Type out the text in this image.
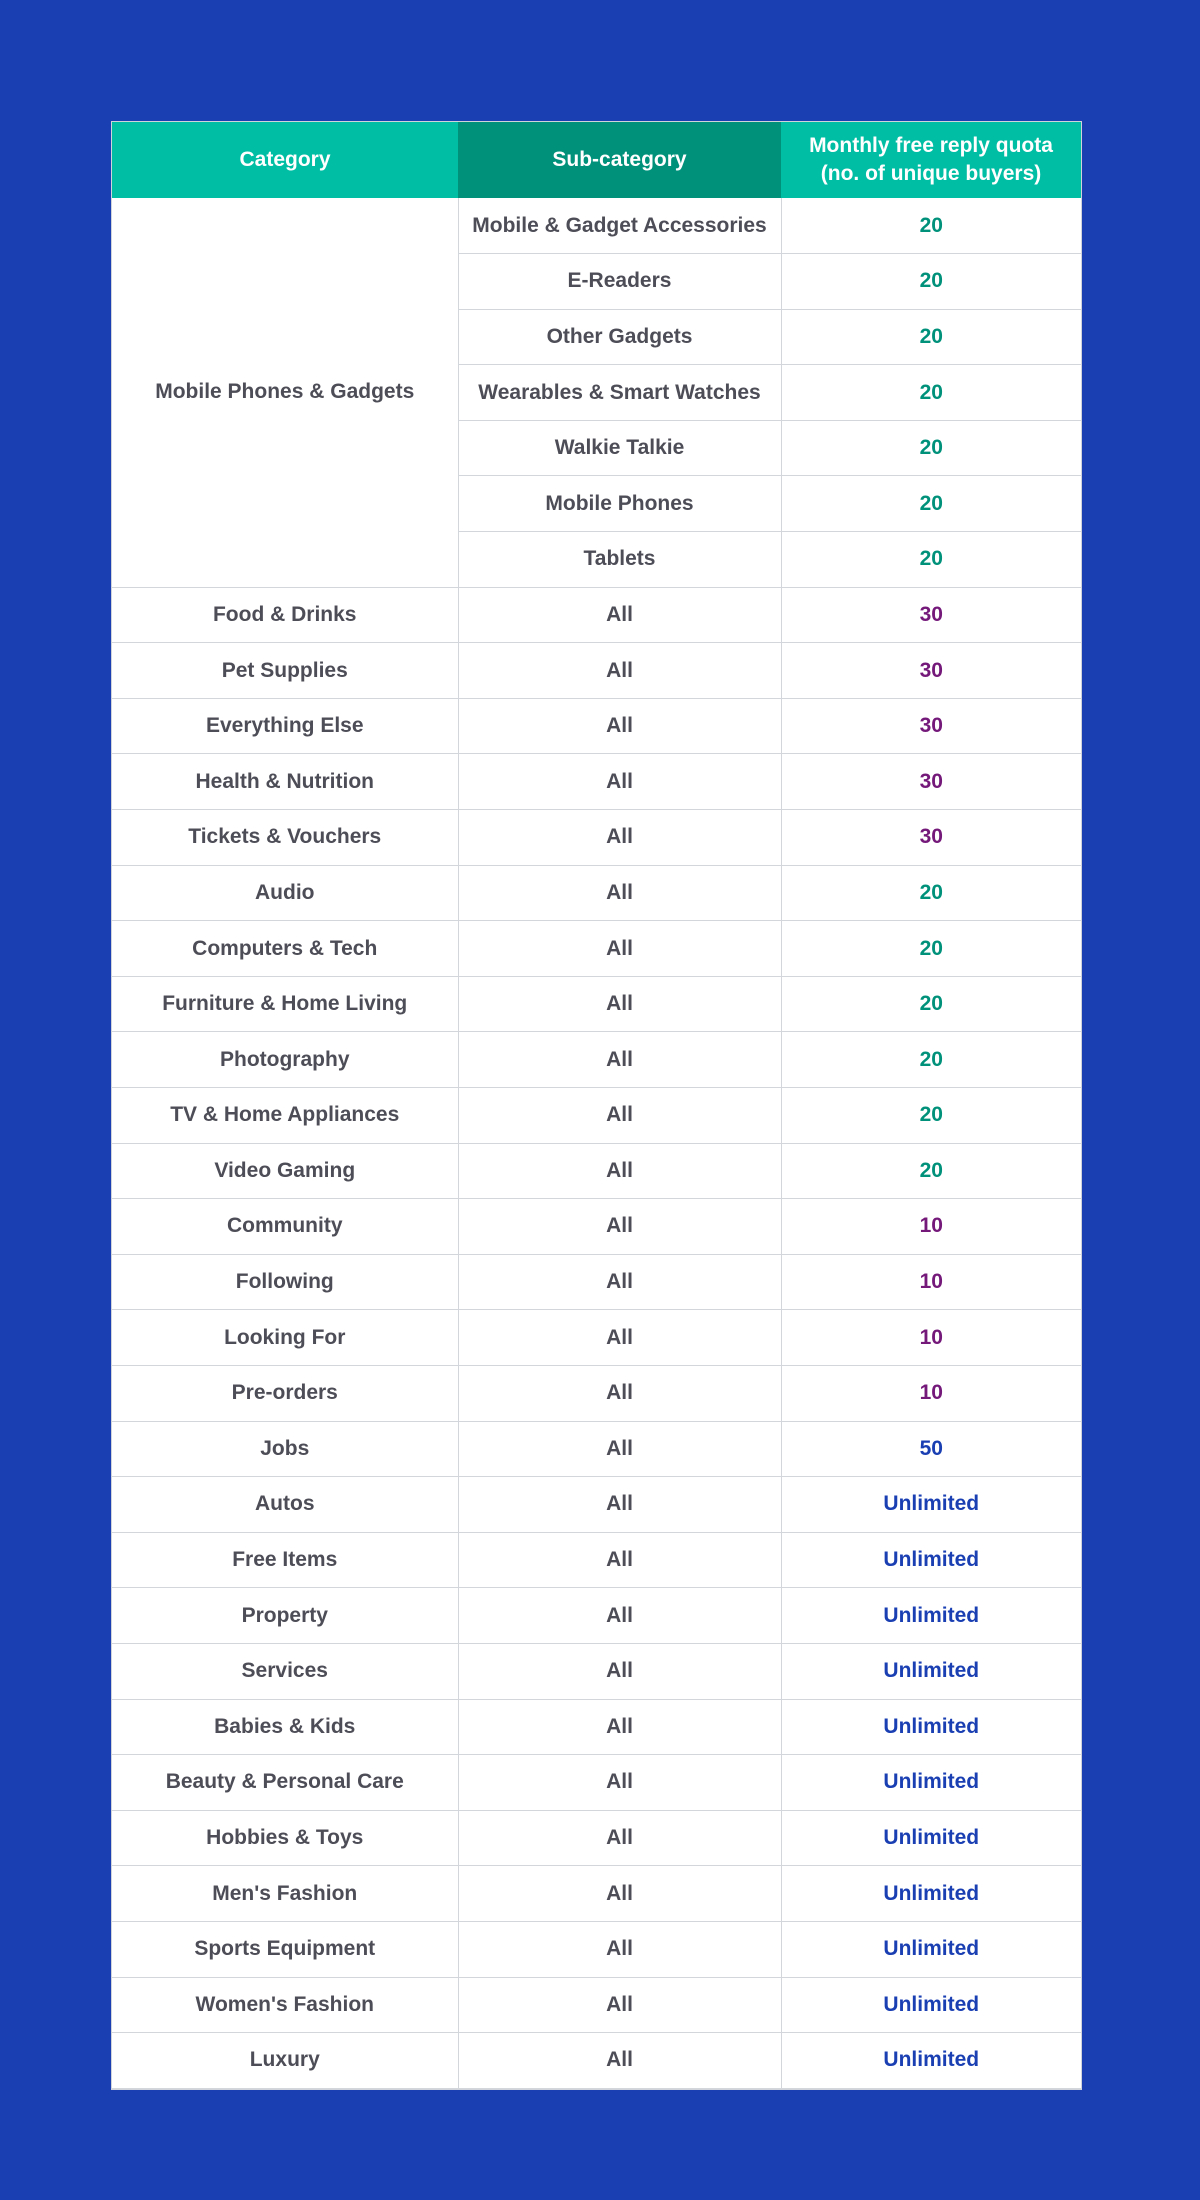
Category	Sub-category	Monthly free reply quota (no. of unique buyers)
Mobile Phones & Gadgets	Mobile & Gadget Accessories	20
	E-Readers	20
	Other Gadgets	20
	Wearables & Smart Watches	20
	Walkie Talkie	20
	Mobile Phones	20
	Tablets	20
Food & Drinks	All	30
Pet Supplies	All	30
Everything Else	All	30
Health & Nutrition	All	30
Tickets & Vouchers	All	30
Audio	All	20
Computers & Tech	All	20
Furniture & Home Living	All	20
Photography	All	20
TV & Home Appliances	All	20
Video Gaming	All	20
Community	All	10
Following	All	10
Looking For	All	10
Pre-orders	All	10
Jobs	All	50
Autos	All	Unlimited
Free Items	All	Unlimited
Property	All	Unlimited
Services	All	Unlimited
Babies & Kids	All	Unlimited
Beauty & Personal Care	All	Unlimited
Hobbies & Toys	All	Unlimited
Men's Fashion	All	Unlimited
Sports Equipment	All	Unlimited
Women's Fashion	All	Unlimited
Luxury	All	Unlimited
